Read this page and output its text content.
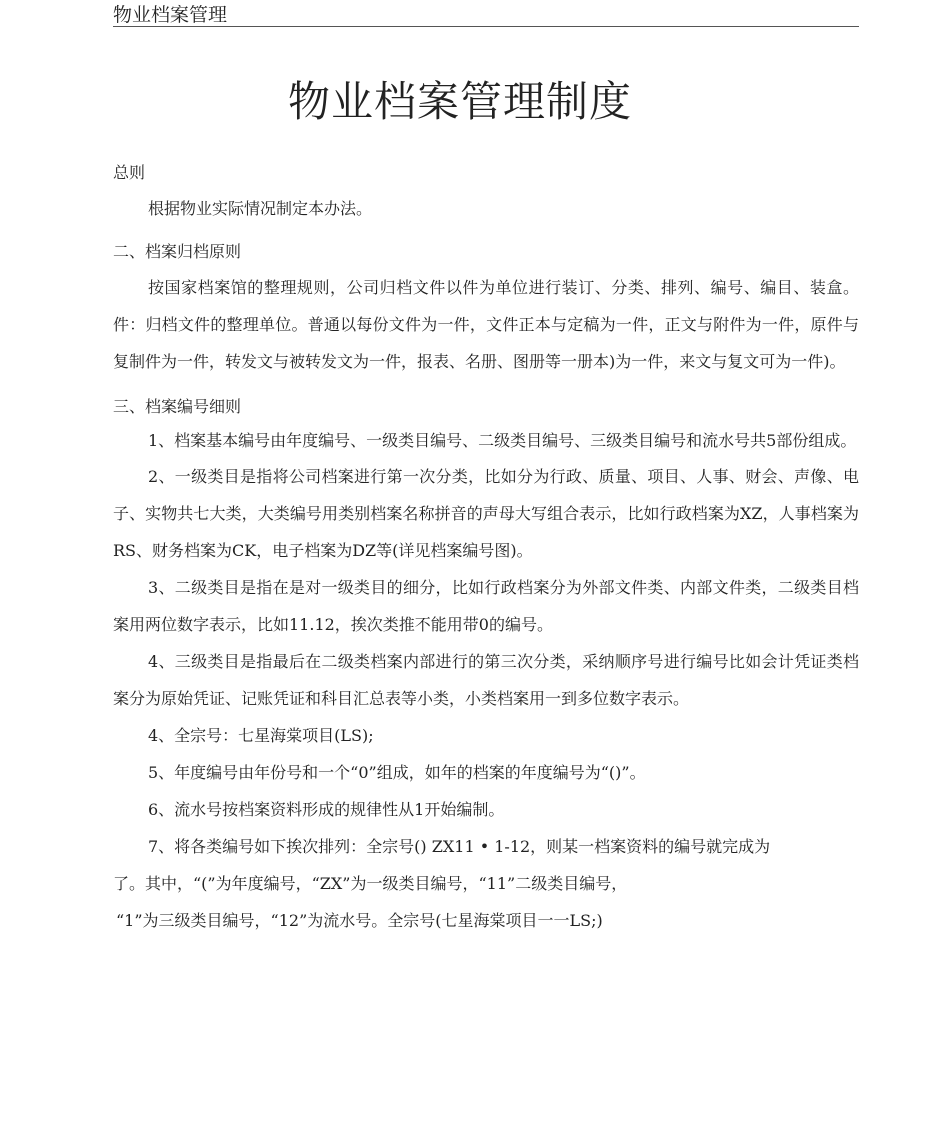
物业档案管理
物业档案管理制度

总则

根据物业实际情况制定本办法。

二、档案归档原则

按国家档案馆的整理规则，公司归档文件以件为单位进行装订、分类、排列、编号、编目、装盒。件：归档文件的整理单位。普通以每份文件为一件，文件正本与定稿为一件，正文与附件为一件，原件与复制件为一件，转发文与被转发文为一件，报表、名册、图册等一册本)为一件，来文与复文可为一件)。

三、档案编号细则

1、档案基本编号由年度编号、一级类目编号、二级类目编号、三级类目编号和流水号共5部份组成。

2、一级类目是指将公司档案进行第一次分类，比如分为行政、质量、项目、人事、财会、声像、电子、实物共七大类，大类编号用类别档案名称拼音的声母大写组合表示，比如行政档案为XZ，人事档案为RS、财务档案为CK，电子档案为DZ等(详见档案编号图)。

3、二级类目是指在是对一级类目的细分，比如行政档案分为外部文件类、内部文件类，二级类目档案用两位数字表示，比如11.12，挨次类推不能用带0的编号。

4、三级类目是指最后在二级类档案内部进行的第三次分类，采纳顺序号进行编号比如会计凭证类档案分为原始凭证、记账凭证和科目汇总表等小类，小类档案用一到多位数字表示。

4、全宗号：七星海棠项目(LS);

5、年度编号由年份号和一个“0”组成，如年的档案的年度编号为“()”。

6、流水号按档案资料形成的规律性从1开始编制。

7、将各类编号如下挨次排列：全宗号() ZX11 • 1-12，则某一档案资料的编号就完成为
了。其中，“(”为年度编号，“ZX”为一级类目编号，“11”二级类目编号，
“1”为三级类目编号，“12”为流水号。全宗号(七星海棠项目一一LS;)
